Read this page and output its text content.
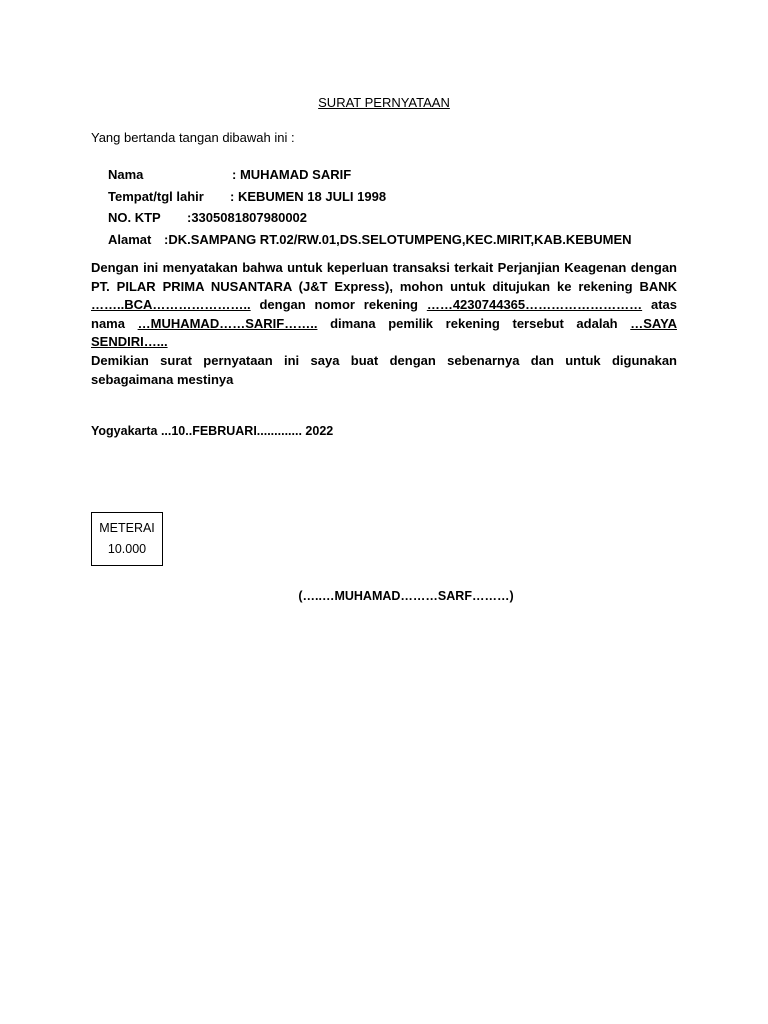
SURAT PERNYATAAN
Yang bertanda tangan dibawah ini :
Nama	: MUHAMAD SARIF
Tempat/tgl lahir : KEBUMEN 18 JULI 1998
NO. KTP :3305081807980002
Alamat :DK.SAMPANG RT.02/RW.01,DS.SELOTUMPENG,KEC.MIRIT,KAB.KEBUMEN
Dengan ini menyatakan bahwa untuk keperluan transaksi terkait Perjanjian Keagenan dengan PT. PILAR PRIMA NUSANTARA (J&T Express), mohon untuk ditujukan ke rekening BANK ……..BCA………………….. dengan nomor rekening ……4230744365……………………… atas nama …MUHAMAD……SARIF…….. dimana pemilik rekening tersebut adalah …SAYA SENDIRI…...
Demikian surat pernyataan ini saya buat dengan sebenarnya dan untuk digunakan sebagaimana mestinya
Yogyakarta ...10..FEBRUARI............. 2022
METERAI
10.000
(…..…MUHAMAD………SARF………)
